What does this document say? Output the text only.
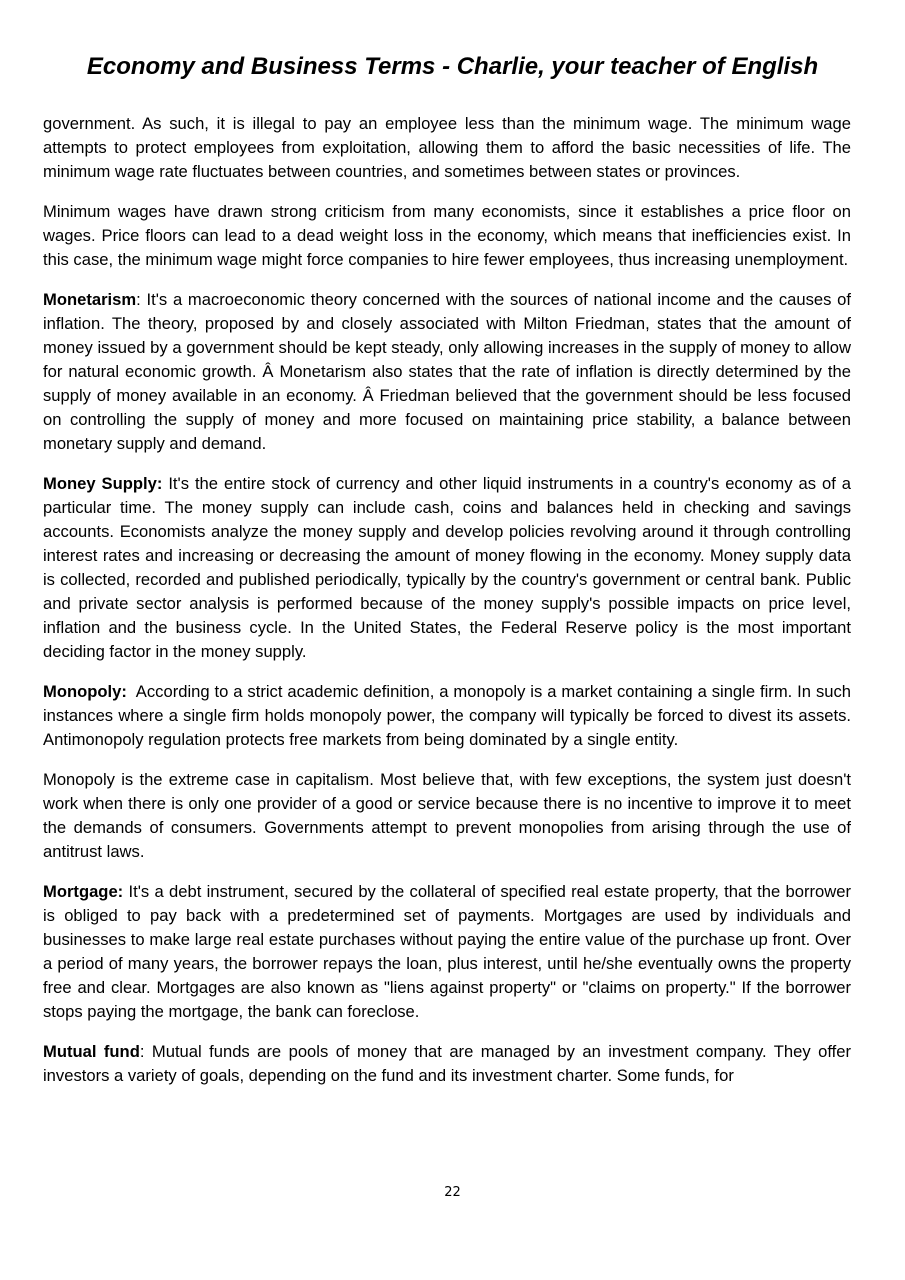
Economy and Business Terms - Charlie, your teacher of English

government. As such, it is illegal to pay an employee less than the minimum wage. The minimum wage attempts to protect employees from exploitation, allowing them to afford the basic necessities of life. The minimum wage rate fluctuates between countries, and sometimes between states or provinces.

Minimum wages have drawn strong criticism from many economists, since it establishes a price floor on wages. Price floors can lead to a dead weight loss in the economy, which means that inefficiencies exist. In this case, the minimum wage might force companies to hire fewer employees, thus increasing unemployment.

Monetarism: It's a macroeconomic theory concerned with the sources of national income and the causes of inflation. The theory, proposed by and closely associated with Milton Friedman, states that the amount of money issued by a government should be kept steady, only allowing increases in the supply of money to allow for natural economic growth. Â Monetarism also states that the rate of inflation is directly determined by the supply of money available in an economy. Â Friedman believed that the government should be less focused on controlling the supply of money and more focused on maintaining price stability, a balance between monetary supply and demand.

Money Supply: It's the entire stock of currency and other liquid instruments in a country's economy as of a particular time. The money supply can include cash, coins and balances held in checking and savings accounts. Economists analyze the money supply and develop policies revolving around it through controlling interest rates and increasing or decreasing the amount of money flowing in the economy. Money supply data is collected, recorded and published periodically, typically by the country's government or central bank. Public and private sector analysis is performed because of the money supply's possible impacts on price level, inflation and the business cycle. In the United States, the Federal Reserve policy is the most important deciding factor in the money supply.

Monopoly:  According to a strict academic definition, a monopoly is a market containing a single firm. In such instances where a single firm holds monopoly power, the company will typically be forced to divest its assets. Antimonopoly regulation protects free markets from being dominated by a single entity.

Monopoly is the extreme case in capitalism. Most believe that, with few exceptions, the system just doesn't work when there is only one provider of a good or service because there is no incentive to improve it to meet the demands of consumers. Governments attempt to prevent monopolies from arising through the use of antitrust laws.

Mortgage: It's a debt instrument, secured by the collateral of specified real estate property, that the borrower is obliged to pay back with a predetermined set of payments. Mortgages are used by individuals and businesses to make large real estate purchases without paying the entire value of the purchase up front. Over a period of many years, the borrower repays the loan, plus interest, until he/she eventually owns the property free and clear. Mortgages are also known as "liens against property" or "claims on property." If the borrower stops paying the mortgage, the bank can foreclose.

Mutual fund: Mutual funds are pools of money that are managed by an investment company. They offer investors a variety of goals, depending on the fund and its investment charter. Some funds, for

22
